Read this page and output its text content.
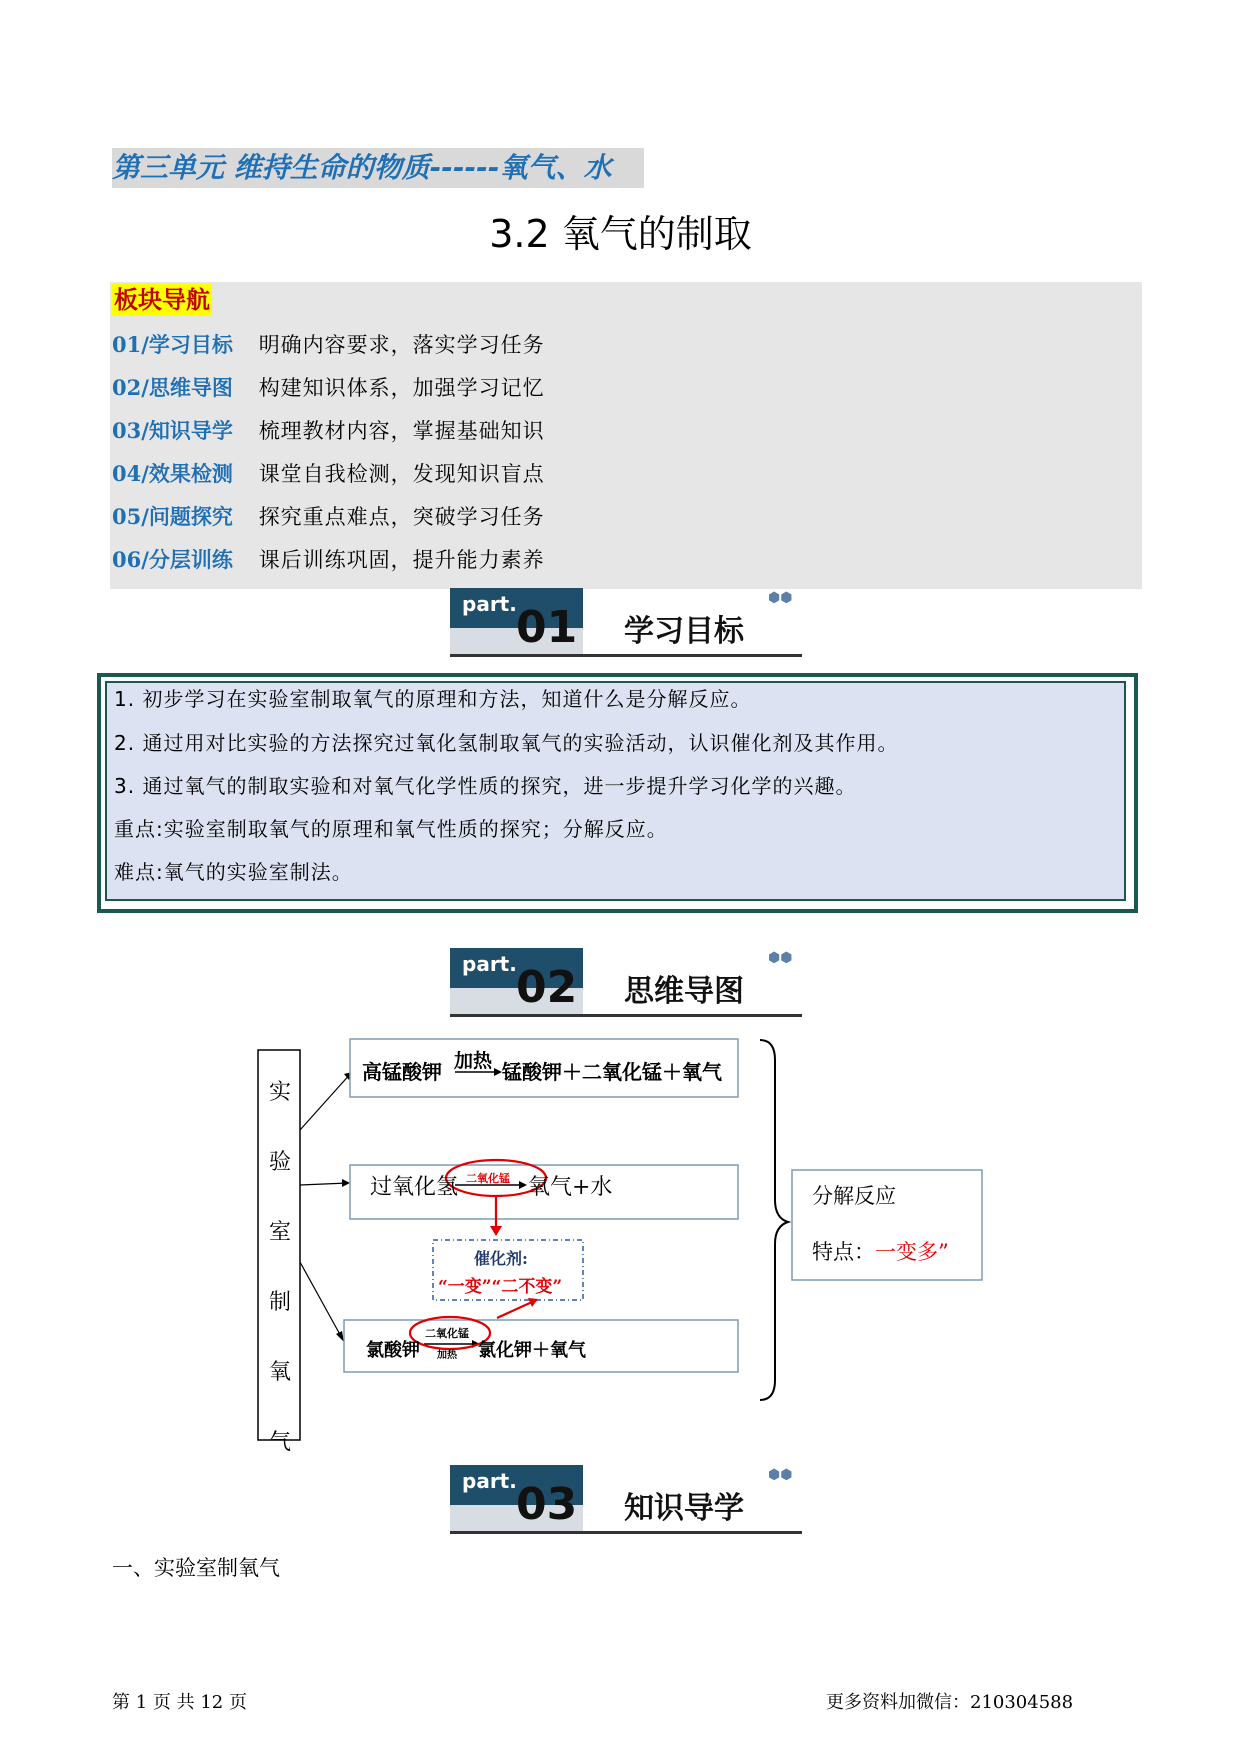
第三单元 维持生命的物质------氧气、水
3.2 氧气的制取
板块导航
01/学习目标 明确内容要求，落实学习任务
02/思维导图 构建知识体系，加强学习记忆
03/知识导学 梳理教材内容，掌握基础知识
04/效果检测 课堂自我检测，发现知识盲点
05/问题探究 探究重点难点，突破学习任务
06/分层训练 课后训练巩固，提升能力素养
part. 01 学习目标
⬢⬢
1. 初步学习在实验室制取氧气的原理和方法，知道什么是分解反应。
2. 通过用对比实验的方法探究过氧化氢制取氧气的实验活动，认识催化剂及其作用。
3. 通过氧气的制取实验和对氧气化学性质的探究，进一步提升学习化学的兴趣。
重点:实验室制取氧气的原理和氧气性质的探究；分解反应。
难点:氧气的实验室制法。
part. 02 思维导图
⬢⬢
实
验
室
制
氧
气
高锰酸钾 加热 锰酸钾＋二氧化锰＋氧气
过氧化氢 二氧化锰 氧气+水
催化剂:
“一变”“二不变”
氯酸钾
二氧化锰
加热 氯化钾＋氧气
分解反应
特点：一变多”
part. 03 知识导学
⬢⬢
一、实验室制氧气
第 1 页 共 12 页	更多资料加微信：210304588
